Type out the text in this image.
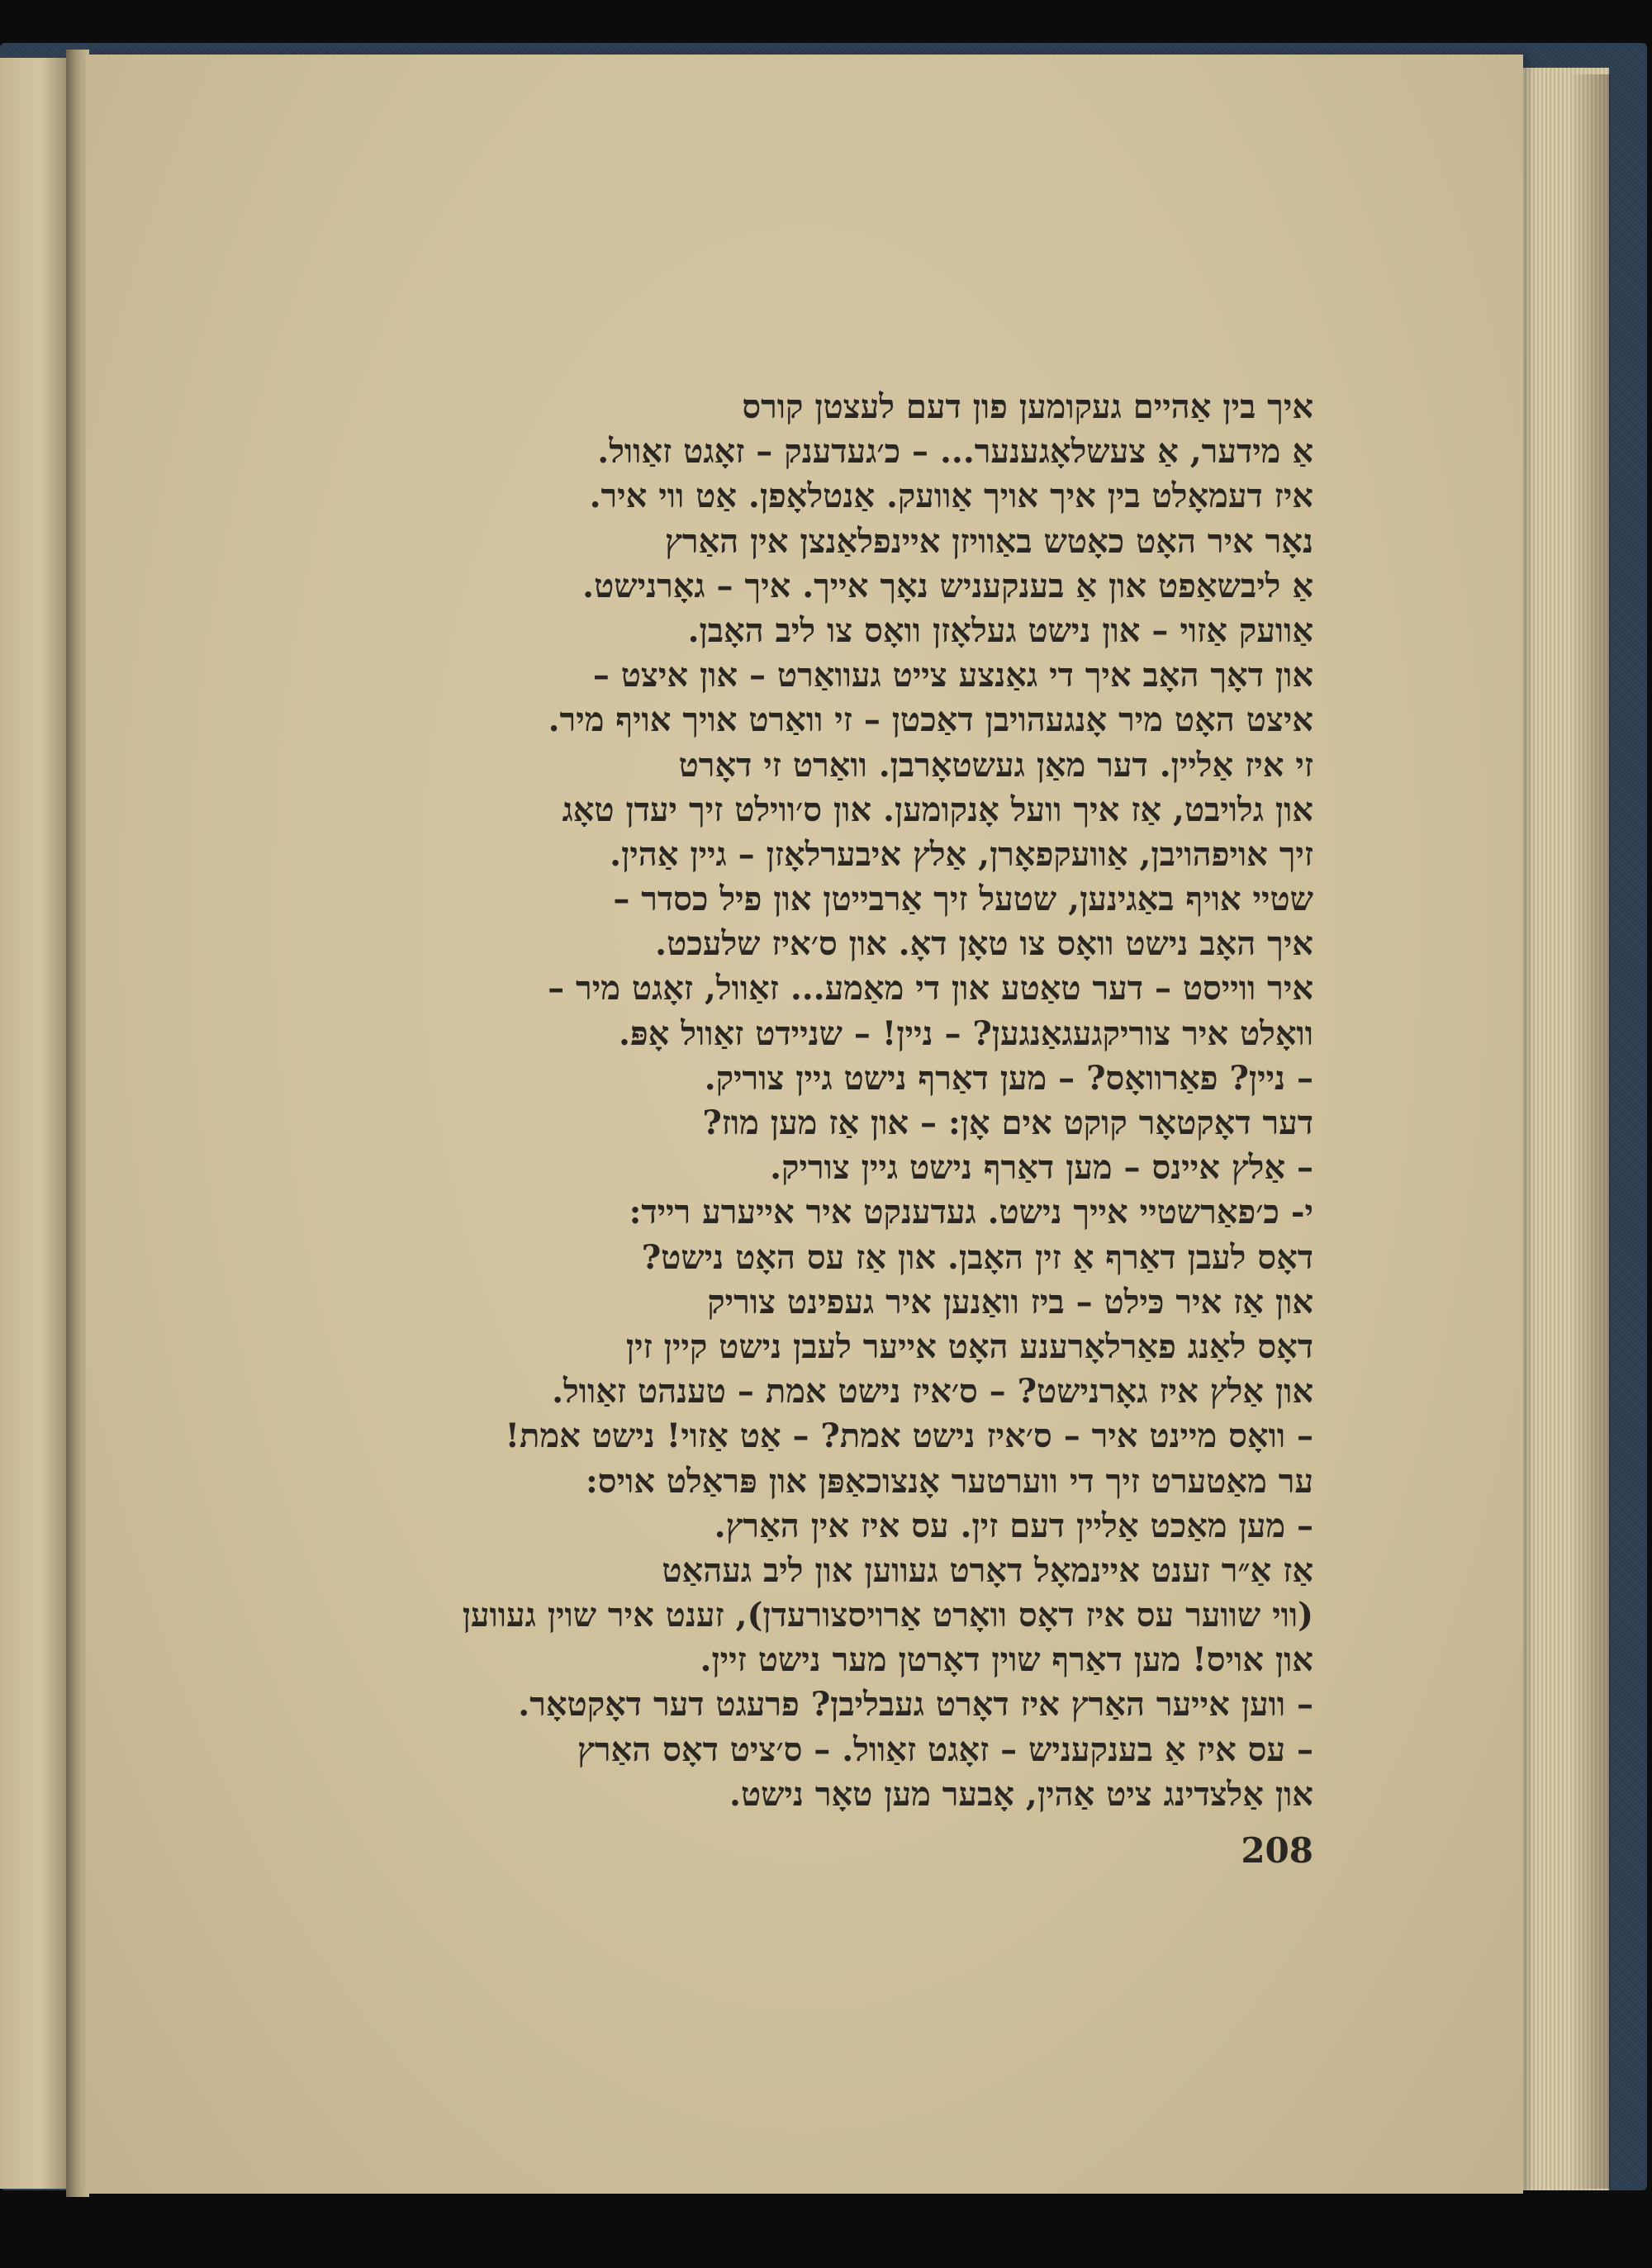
איך בין אַהיים געקומען פון דעם לעצטן קורס
אַ מידער, אַ צעשלאָגענער... – כ׳געדענק – זאָגט זאַוול.
איז דעמאָלט בין איך אויך אַוועק. אַנטלאָפן. אַט ווי איר.
נאָר איר האָט כאָטש באַוויזן איינפלאַנצן אין האַרץ
אַ ליבשאַפט און אַ בענקעניש נאָך אייך. איך – גאָרנישט.
אַוועק אַזוי – און נישט געלאָזן וואָס צו ליב האָבן.
און דאָך האָב איך די גאַנצע צייט געוואַרט – און איצט –
איצט האָט מיר אָנגעהויבן דאַכטן – זי וואַרט אויך אויף מיר.
זי איז אַליין. דער מאַן געשטאָרבן. וואַרט זי דאָרט
און גלויבט, אַז איך וועל אָנקומען. און ס׳ווילט זיך יעדן טאָג
זיך אויפהויבן, אַוועקפאָרן, אַלץ איבערלאָזן – גיין אַהין.
שטיי אויף באַגינען, שטעל זיך אַרבייטן און פיל כסדר –
איך האָב נישט וואָס צו טאָן דאָ. און ס׳איז שלעכט.
איר ווייסט – דער טאַטע און די מאַמע... זאַוול, זאָגט מיר –
וואָלט איר צוריקגעגאַנגען? – ניין! – שניידט זאַוול אָפּ.
– ניין? פאַרוואָס? – מען דאַרף נישט גיין צוריק.
דער דאָקטאָר קוקט אים אָן: – און אַז מען מוז?
– אַלץ איינס – מען דאַרף נישט גיין צוריק.
י- כ׳פאַרשטיי אייך נישט. געדענקט איר אייערע רייד:
דאָס לעבן דאַרף אַ זין האָבן. און אַז עס האָט נישט?
און אַז איר כּילט – ביז וואַנען איר געפינט צוריק
דאָס לאַנג פאַרלאָרענע האָט אייער לעבן נישט קיין זין
און אַלץ איז גאָרנישט? – ס׳איז נישט אמת – טענהט זאַוול.
– וואָס מיינט איר – ס׳איז נישט אמת? – אַט אַזוי! נישט אמת!
ער מאַטערט זיך די ווערטער אָנצוכאַפּן און פּראַלט אויס:
– מען מאַכט אַליין דעם זין. עס איז אין האַרץ.
אַז אַ״ר זענט איינמאָל דאָרט געווען און ליב געהאַט
(ווי שווער עס איז דאָס וואָרט אַרויסצורעדן), זענט איר שוין געווען
און אויס! מען דאַרף שוין דאָרטן מער נישט זיין.
– ווען אייער האַרץ איז דאָרט געבליבן? פרעגט דער דאָקטאָר.
– עס איז אַ בענקעניש – זאָגט זאַוול. – ס׳ציט דאָס האַרץ
און אַלצדינג ציט אַהין, אָבער מען טאָר נישט.
208
